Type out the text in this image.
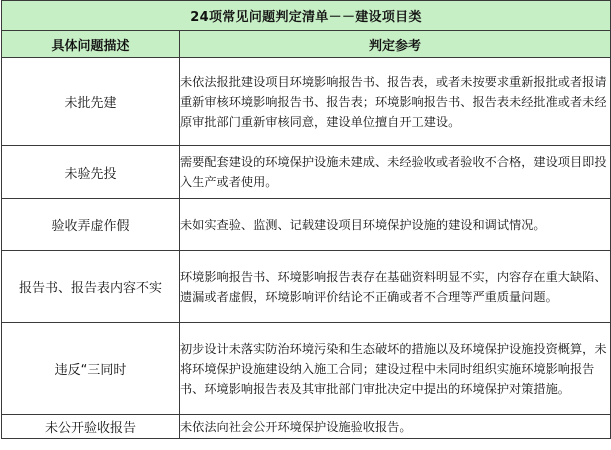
24项常见问题判定清单－－建设项目类	
具体问题描述	判定参考
未批先建	未依法报批建设项目环境影响报告书、报告表，或者未按要求重新报批或者报请重新审核环境影响报告书、报告表；环境影响报告书、报告表未经批准或者未经原审批部门重新审核同意，建设单位擅自开工建设。
未验先投	需要配套建设的环境保护设施未建成、未经验收或者验收不合格，建设项目即投入生产或者使用。
验收弄虚作假	未如实查验、监测、记载建设项目环境保护设施的建设和调试情况。
报告书、报告表内容不实	环境影响报告书、环境影响报告表存在基础资料明显不实，内容存在重大缺陷、遗漏或者虚假，环境影响评价结论不正确或者不合理等严重质量问题。
违反“三同时	初步设计未落实防治环境污染和生态破坏的措施以及环境保护设施投资概算，未将环境保护设施建设纳入施工合同；建设过程中未同时组织实施环境影响报告书、环境影响报告表及其审批部门审批决定中提出的环境保护对策措施。
未公开验收报告	未依法向社会公开环境保护设施验收报告。
